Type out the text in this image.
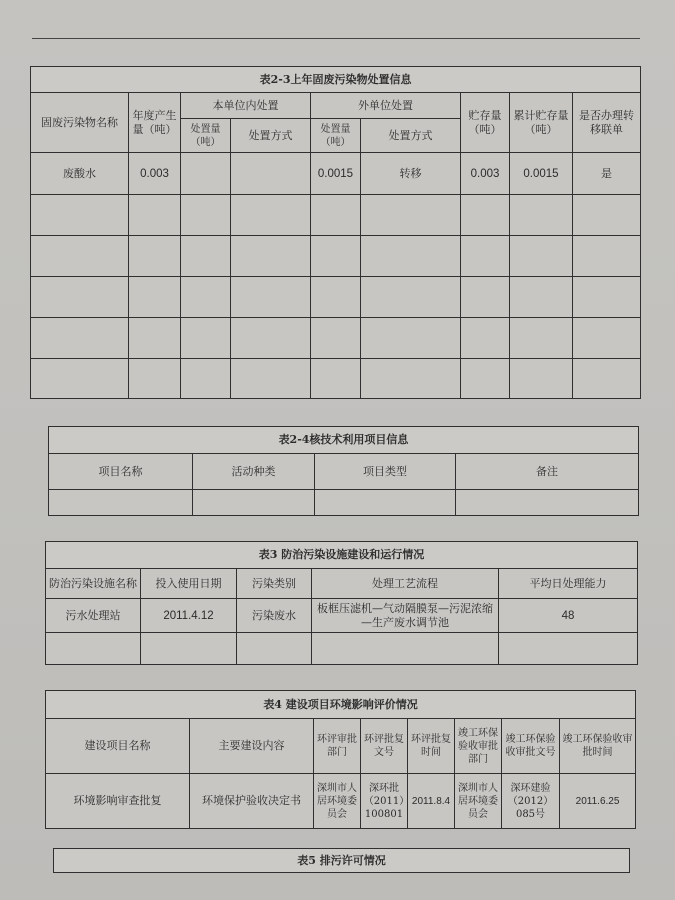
表2-3上年固废污染物处置信息								
固废污染物名称	年度产生量（吨）	本单位内处置		外单位处置		贮存量（吨）	累计贮存量（吨）	是否办理转移联单
		处置量（吨）	处置方式	处置量（吨）	处置方式			
废酸水	0.003			0.0015	转移	0.003	0.0015	是

表2-4核技术利用项目信息			
项目名称	活动种类	项目类型	备注

表3 防治污染设施建设和运行情况				
防治污染设施名称	投入使用日期	污染类别	处理工艺流程	平均日处理能力
污水处理站	2011.4.12	污染废水	板框压滤机—气动隔膜泵—污泥浓缩—生产废水调节池	48

表4 建设项目环境影响评价情况							
建设项目名称	主要建设内容	环评审批部门	环评批复文号	环评批复时间	竣工环保验收审批部门	竣工环保验收审批文号	竣工环保验收审批时间
环境影响审查批复	环境保护验收决定书	深圳市人居环境委员会	深环批（2011）100801	2011.8.4	深圳市人居环境委员会	深环建验（2012）085号	2011.6.25
表5 排污许可情况
